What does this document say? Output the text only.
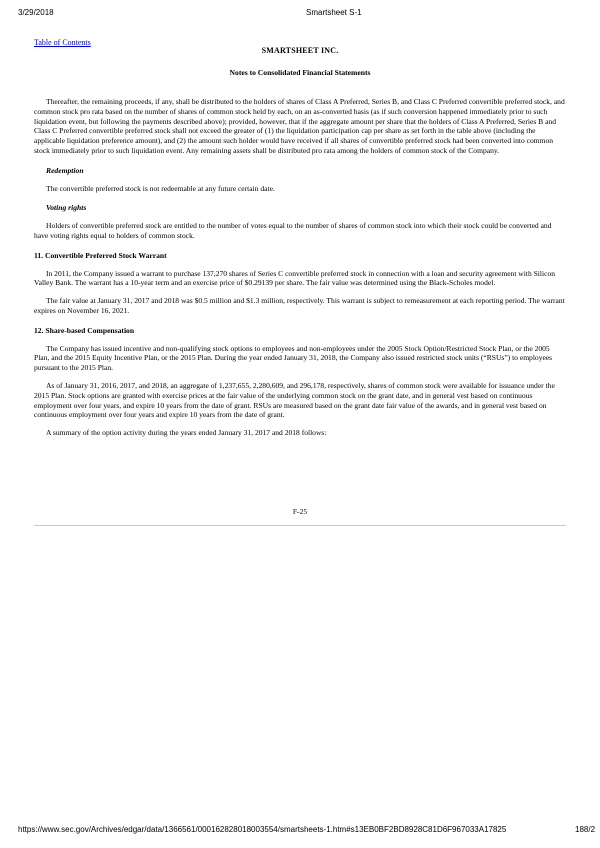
3/29/2018	Smartsheet S-1
Table of Contents
SMARTSHEET INC.
Notes to Consolidated Financial Statements

Thereafter, the remaining proceeds, if any, shall be distributed to the holders of shares of Class A Preferred, Series B, and Class C Preferred convertible preferred stock, and common stock pro rata based on the number of shares of common stock held by each, on an as-converted basis (as if such conversion happened immediately prior to such liquidation event, but following the payments described above); provided, however, that if the aggregate amount per share that the holders of Class A Preferred, Series B and Class C Preferred convertible preferred stock shall not exceed the greater of (1) the liquidation participation cap per share as set forth in the table above (including the applicable liquidation preference amount), and (2) the amount such holder would have received if all shares of convertible preferred stock had been converted into common stock immediately prior to such liquidation event. Any remaining assets shall be distributed pro rata among the holders of common stock of the Company.

Redemption

The convertible preferred stock is not redeemable at any future certain date.

Voting rights

Holders of convertible preferred stock are entitled to the number of votes equal to the number of shares of common stock into which their stock could be converted and have voting rights equal to holders of common stock.

11. Convertible Preferred Stock Warrant

In 2011, the Company issued a warrant to purchase 137,270 shares of Series C convertible preferred stock in connection with a loan and security agreement with Silicon Valley Bank. The warrant has a 10-year term and an exercise price of $0.29139 per share. The fair value was determined using the Black-Scholes model.

The fair value at January 31, 2017 and 2018 was $0.5 million and $1.3 million, respectively. This warrant is subject to remeasurement at each reporting period. The warrant expires on November 16, 2021.

12. Share-based Compensation

The Company has issued incentive and non-qualifying stock options to employees and non-employees under the 2005 Stock Option/Restricted Stock Plan, or the 2005 Plan, and the 2015 Equity Incentive Plan, or the 2015 Plan. During the year ended January 31, 2018, the Company also issued restricted stock units (“RSUs”) to employees pursuant to the 2015 Plan.

As of January 31, 2016, 2017, and 2018, an aggregate of 1,237,655, 2,280,609, and 296,178, respectively, shares of common stock were available for issuance under the 2015 Plan. Stock options are granted with exercise prices at the fair value of the underlying common stock on the grant date, and in general vest based on continuous employment over four years, and expire 10 years from the date of grant. RSUs are measured based on the grant date fair value of the awards, and in general vest based on continuous employment over four years and expire 10 years from the date of grant.

A summary of the option activity during the years ended January 31, 2017 and 2018 follows:

F-25
https://www.sec.gov/Archives/edgar/data/1366561/000162828018003554/smartsheets-1.htm#s13EB0BF2BD8928C81D6F967033A17825	188/2
